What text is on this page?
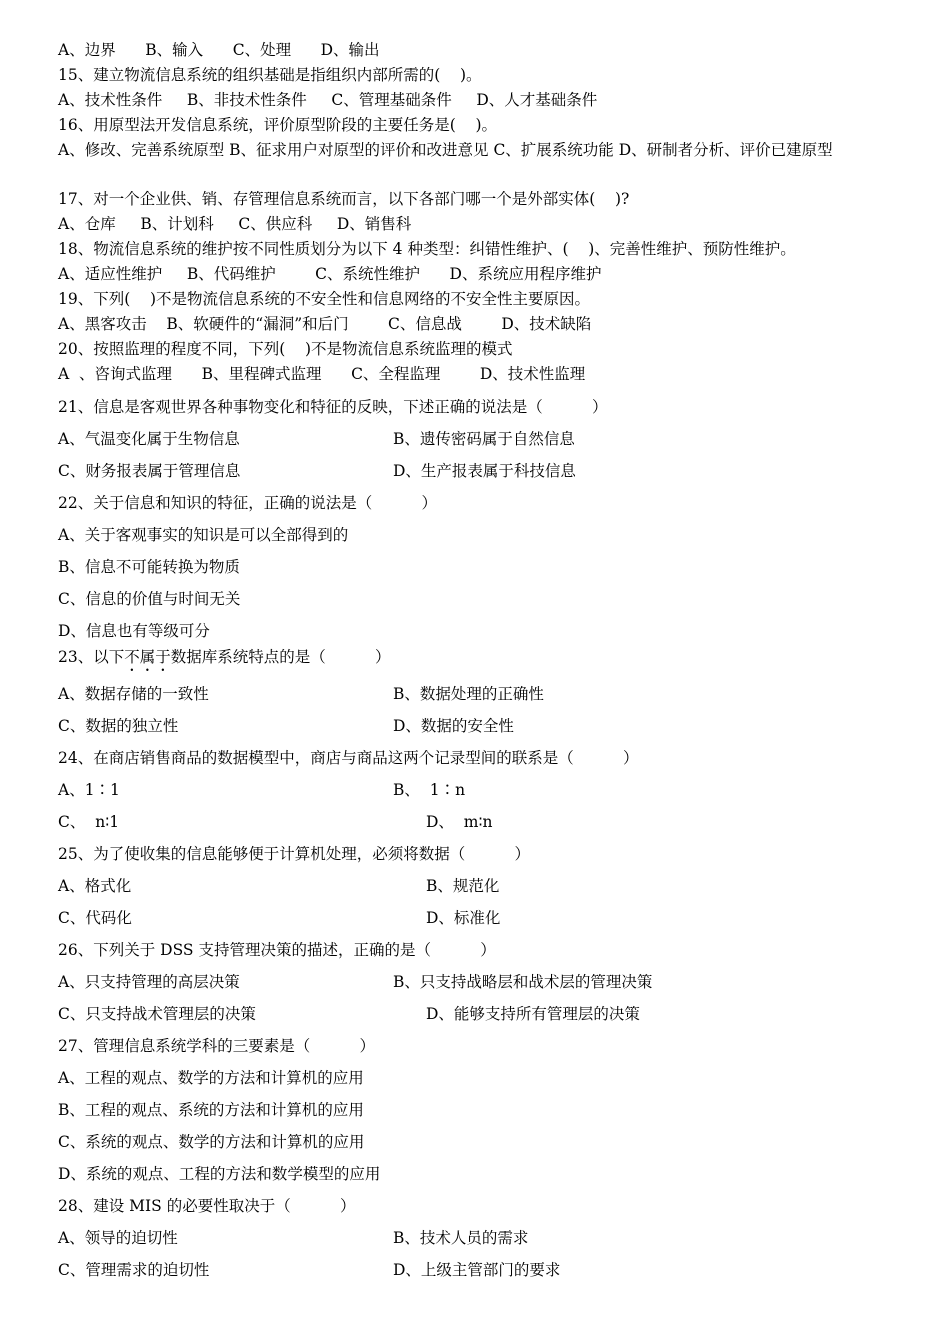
A、边界      B、输入      C、处理      D、输出
15、建立物流信息系统的组织基础是指组织内部所需的(    )。
A、技术性条件     B、非技术性条件     C、管理基础条件     D、人才基础条件
16、用原型法开发信息系统，评价原型阶段的主要任务是(    )。
A、修改、完善系统原型 B、征求用户对原型的评价和改进意见 C、扩展系统功能 D、研制者分析、评价已建原型
17、对一个企业供、销、存管理信息系统而言，以下各部门哪一个是外部实体(    )?
A、仓库     B、计划科     C、供应科     D、销售科
18、物流信息系统的维护按不同性质划分为以下 4 种类型：纠错性维护、(    )、完善性维护、预防性维护。
A、适应性维护     B、代码维护        C、系统性维护      D、系统应用程序维护
19、下列(    )不是物流信息系统的不安全性和信息网络的不安全性主要原因。
A、黑客攻击    B、软硬件的“漏洞”和后门        C、信息战        D、技术缺陷
20、按照监理的程度不同，下列(    )不是物流信息系统监理的模式
A  、咨询式监理      B、里程碑式监理      C、全程监理        D、技术性监理
21、信息是客观世界各种事物变化和特征的反映，下述正确的说法是（          ）
A、气温变化属于生物信息	B、遗传密码属于自然信息
C、财务报表属于管理信息	D、生产报表属于科技信息
22、关于信息和知识的特征，正确的说法是（          ）
A、关于客观事实的知识是可以全部得到的
B、信息不可能转换为物质
C、信息的价值与时间无关
D、信息也有等级可分
23、以下不属于数据库系统特点的是（          ）
A、数据存储的一致性	B、数据处理的正确性
C、数据的独立性	D、数据的安全性
24、在商店销售商品的数据模型中，商店与商品这两个记录型间的联系是（          ）
A、1∶1	B、  1∶n
C、  n∶1	D、  m∶n
25、为了使收集的信息能够便于计算机处理，必须将数据（          ）
A、格式化	B、规范化
C、代码化	D、标准化
26、下列关于 DSS 支持管理决策的描述，正确的是（          ）
A、只支持管理的高层决策	B、只支持战略层和战术层的管理决策
C、只支持战术管理层的决策	D、能够支持所有管理层的决策
27、管理信息系统学科的三要素是（          ）
A、工程的观点、数学的方法和计算机的应用
B、工程的观点、系统的方法和计算机的应用
C、系统的观点、数学的方法和计算机的应用
D、系统的观点、工程的方法和数学模型的应用
28、建设 MIS 的必要性取决于（          ）
A、领导的迫切性	B、技术人员的需求
C、管理需求的迫切性	D、上级主管部门的要求
